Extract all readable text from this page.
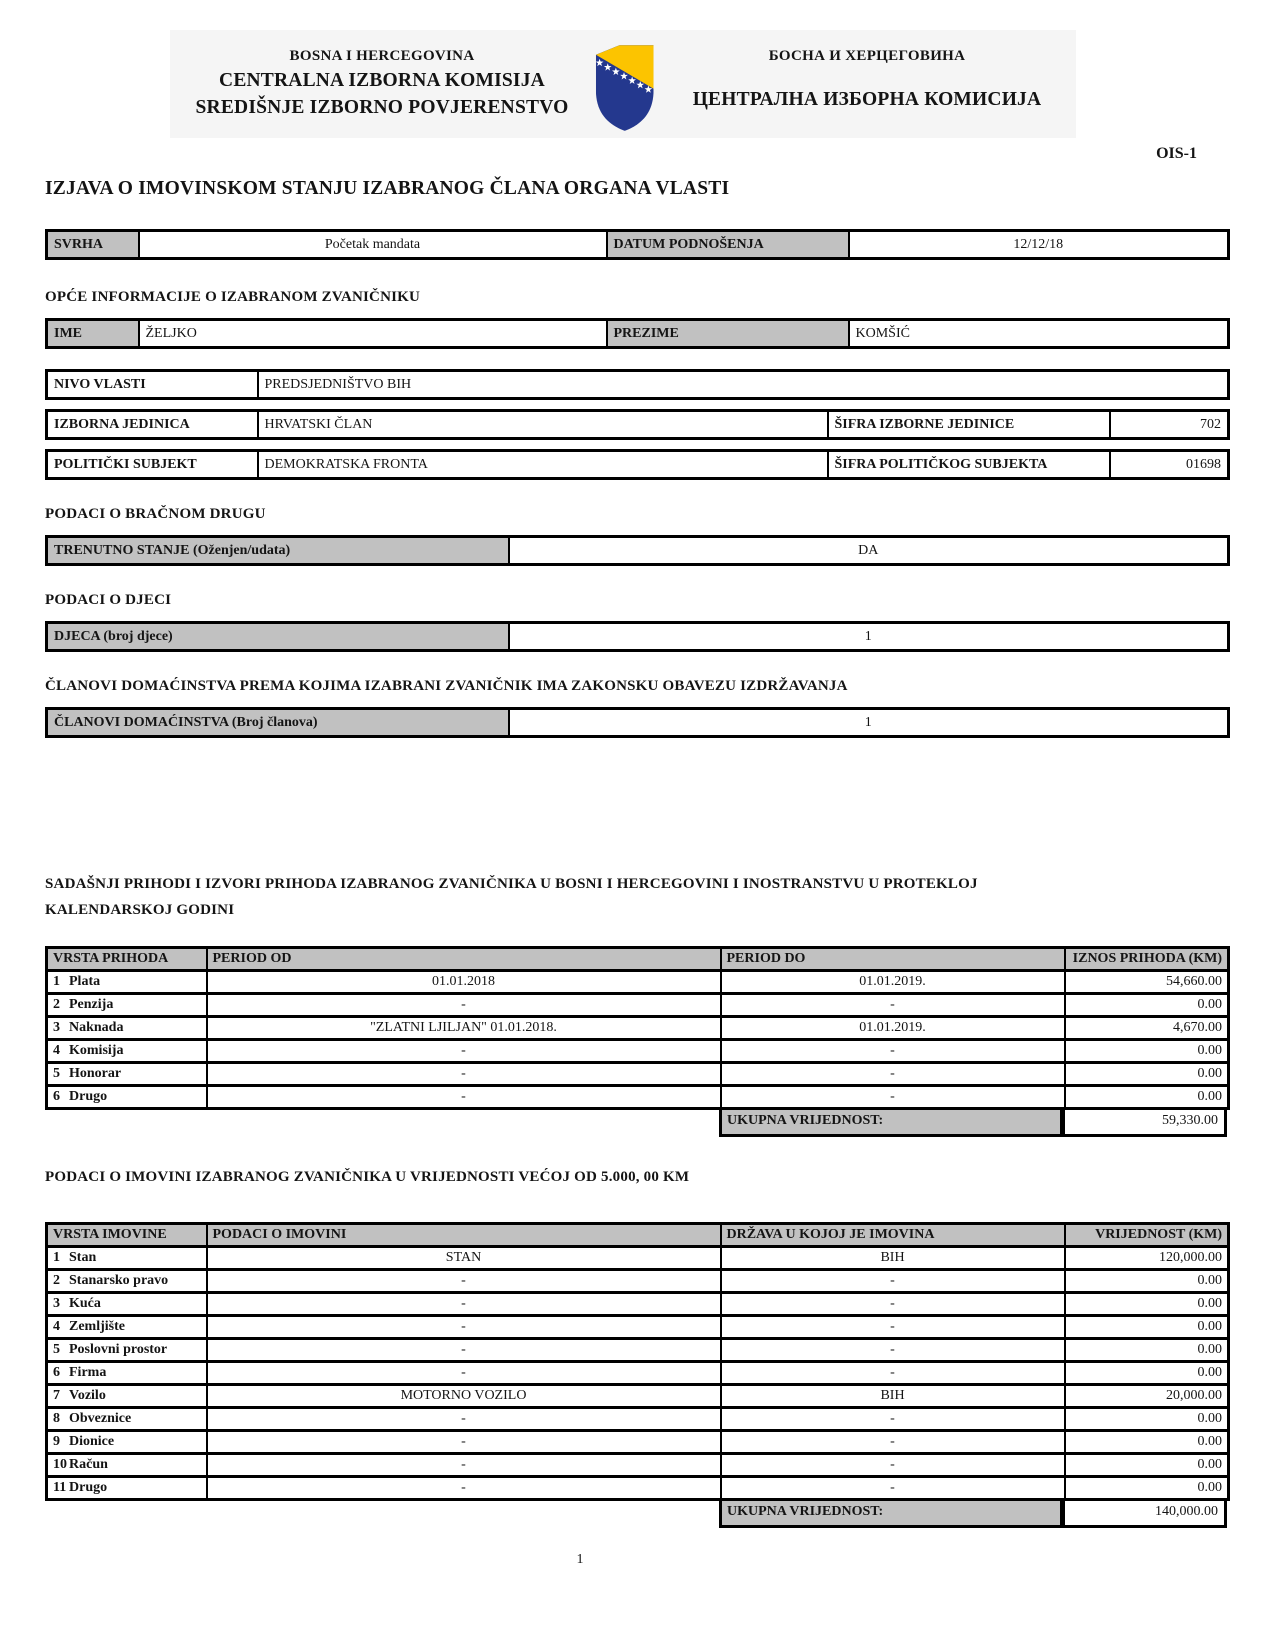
BOSNA I HERCEGOVINA
CENTRALNA IZBORNA KOMISIJA
SREDIŠNJE IZBORNO POVJERENSTVO
БОСНА И ХЕРЦЕГОВИНА
ЦЕНТРАЛНА ИЗБОРНА КОМИСИЈА
OIS-1
IZJAVA O IMOVINSKOM STANJU IZABRANOG ČLANA ORGANA VLASTI
SVRHA	Početak mandata	DATUM PODNOŠENJA	12/12/18
OPĆE INFORMACIJE O IZABRANOM ZVANIČNIKU
IME	ŽELJKO	PREZIME	KOMŠIĆ
NIVO VLASTI	PREDSJEDNIŠTVO BIH
IZBORNA JEDINICA	HRVATSKI ČLAN	ŠIFRA IZBORNE JEDINICE	702
POLITIČKI SUBJEKT	DEMOKRATSKA FRONTA	ŠIFRA POLITIČKOG SUBJEKTA	01698
PODACI O BRAČNOM DRUGU
TRENUTNO STANJE (Oženjen/udata)	DA
PODACI O DJECI
DJECA (broj djece)	1
ČLANOVI DOMAĆINSTVA PREMA KOJIMA IZABRANI ZVANIČNIK IMA ZAKONSKU OBAVEZU IZDRŽAVANJA
ČLANOVI DOMAĆINSTVA (Broj članova)	1
SADAŠNJI PRIHODI I IZVORI PRIHODA IZABRANOG ZVANIČNIKA U BOSNI I HERCEGOVINI I INOSTRANSTVU U PROTEKLOJ KALENDARSKOJ GODINI
VRSTA PRIHODA	PERIOD OD	PERIOD DO	IZNOS PRIHODA (KM)
1 Plata	01.01.2018	01.01.2019.	54,660.00
2 Penzija	-	-	0.00
3 Naknada	"ZLATNI LJILJAN" 01.01.2018.	01.01.2019.	4,670.00
4 Komisija	-	-	0.00
5 Honorar	-	-	0.00
6 Drugo	-	-	0.00
UKUPNA VRIJEDNOST:	59,330.00
PODACI O IMOVINI IZABRANOG ZVANIČNIKA U VRIJEDNOSTI VEĆOJ OD 5.000, 00 KM
VRSTA IMOVINE	PODACI O IMOVINI	DRŽAVA U KOJOJ JE IMOVINA	VRIJEDNOST (KM)
1 Stan	STAN	BIH	120,000.00
2 Stanarsko pravo	-	-	0.00
3 Kuća	-	-	0.00
4 Zemljište	-	-	0.00
5 Poslovni prostor	-	-	0.00
6 Firma	-	-	0.00
7 Vozilo	MOTORNO VOZILO	BIH	20,000.00
8 Obveznice	-	-	0.00
9 Dionice	-	-	0.00
10 Račun	-	-	0.00
11 Drugo	-	-	0.00
UKUPNA VRIJEDNOST:	140,000.00
1
